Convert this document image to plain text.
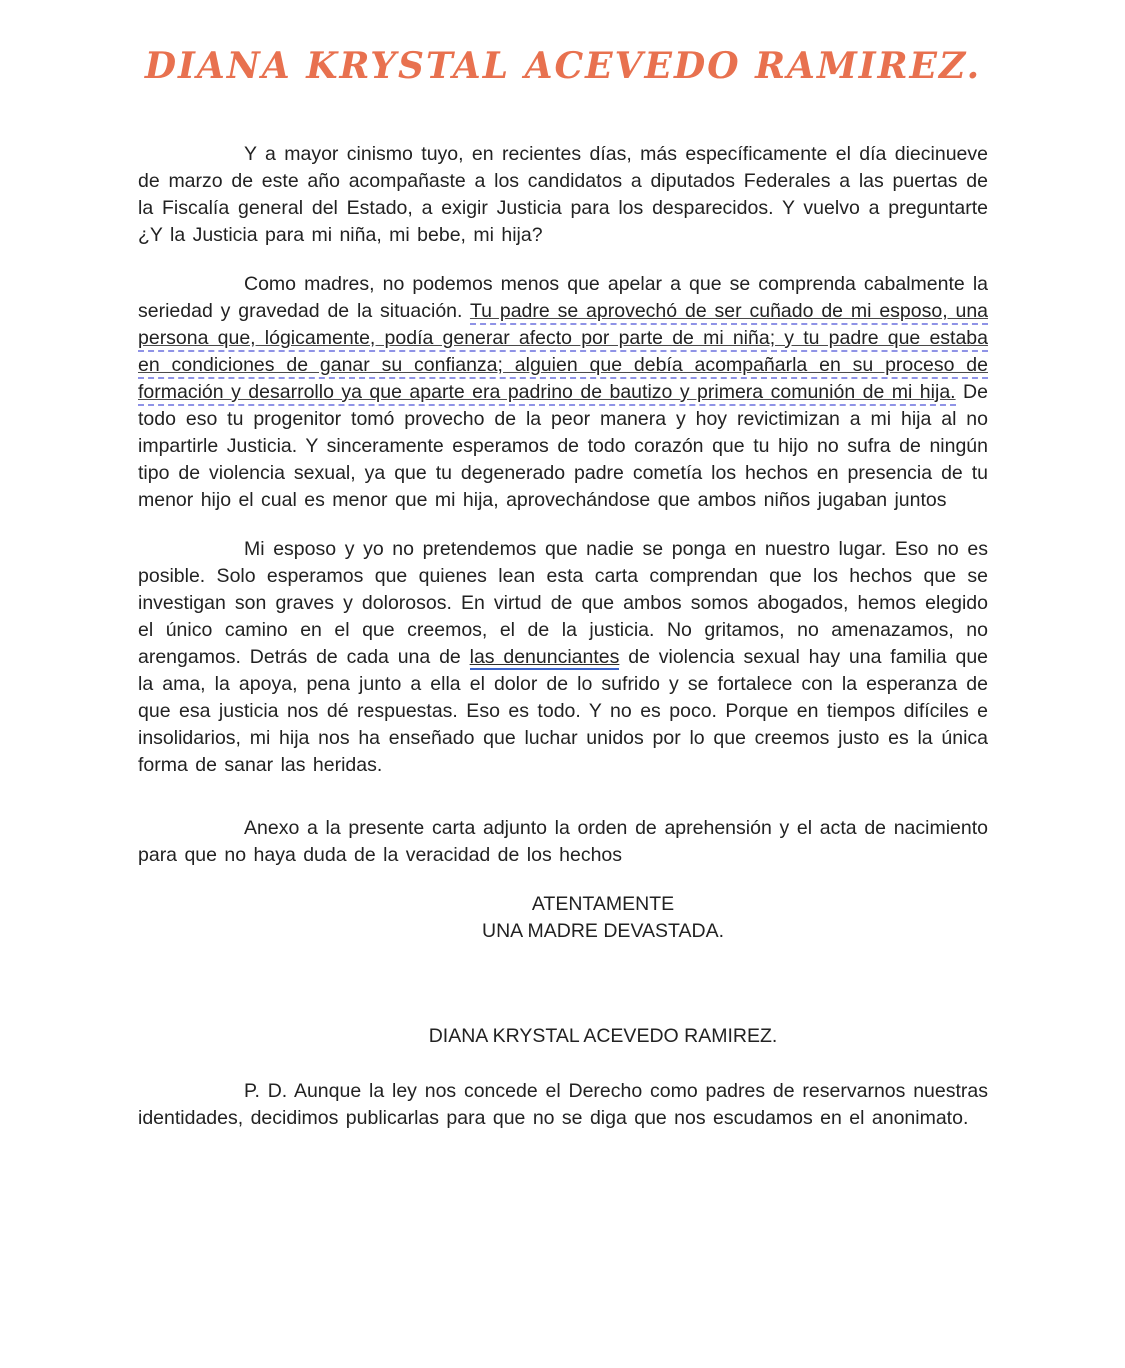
DIANA KRYSTAL ACEVEDO RAMIREZ.

Y a mayor cinismo tuyo, en recientes días, más específicamente el día diecinueve de marzo de este año acompañaste a los candidatos a diputados Federales a las puertas de la Fiscalía general del Estado, a exigir Justicia para los desparecidos. Y vuelvo a preguntarte ¿Y la Justicia para mi niña, mi bebe, mi hija?

Como madres, no podemos menos que apelar a que se comprenda cabalmente la seriedad y gravedad de la situación. Tu padre se aprovechó de ser cuñado de mi esposo, una persona que, lógicamente, podía generar afecto por parte de mi niña; y tu padre que estaba en condiciones de ganar su confianza; alguien que debía acompañarla en su proceso de formación y desarrollo ya que aparte era padrino de bautizo y primera comunión de mi hija. De todo eso tu progenitor tomó provecho de la peor manera y hoy revictimizan a mi hija al no impartirle Justicia. Y sinceramente esperamos de todo corazón que tu hijo no sufra de ningún tipo de violencia sexual, ya que tu degenerado padre cometía los hechos en presencia de tu menor hijo el cual es menor que mi hija, aprovechándose que ambos niños jugaban juntos

Mi esposo y yo no pretendemos que nadie se ponga en nuestro lugar. Eso no es posible. Solo esperamos que quienes lean esta carta comprendan que los hechos que se investigan son graves y dolorosos. En virtud de que ambos somos abogados, hemos elegido el único camino en el que creemos, el de la justicia. No gritamos, no amenazamos, no arengamos. Detrás de cada una de las denunciantes de violencia sexual hay una familia que la ama, la apoya, pena junto a ella el dolor de lo sufrido y se fortalece con la esperanza de que esa justicia nos dé respuestas. Eso es todo. Y no es poco. Porque en tiempos difíciles e insolidarios, mi hija nos ha enseñado que luchar unidos por lo que creemos justo es la única forma de sanar las heridas.

Anexo a la presente carta adjunto la orden de aprehensión y el acta de nacimiento para que no haya duda de la veracidad de los hechos

ATENTAMENTE

UNA MADRE DEVASTADA.

DIANA KRYSTAL ACEVEDO RAMIREZ.

P. D. Aunque la ley nos concede el Derecho como padres de reservarnos nuestras identidades, decidimos publicarlas para que no se diga que nos escudamos en el anonimato.
